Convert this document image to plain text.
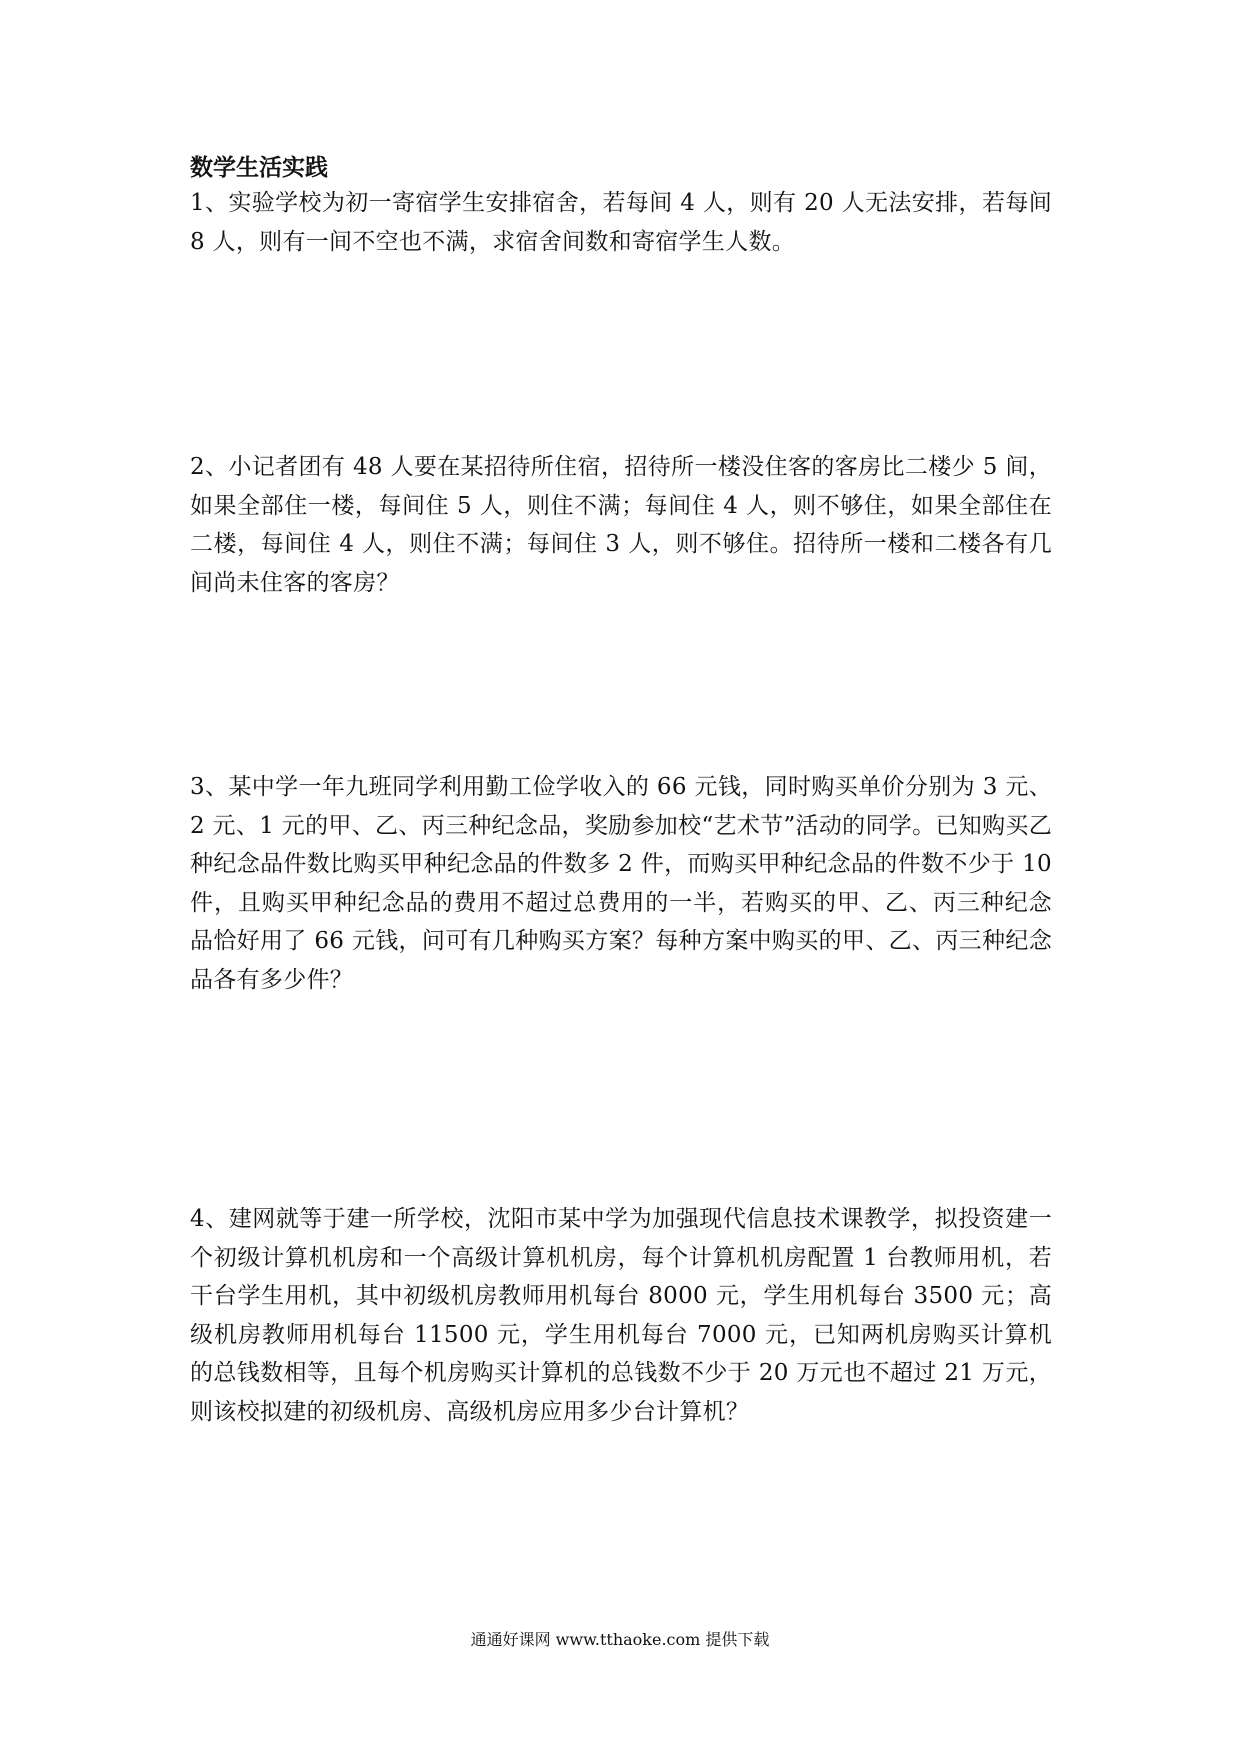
数学生活实践

1、实验学校为初一寄宿学生安排宿舍，若每间 4 人，则有 20 人无法安排，若每间 8 人，则有一间不空也不满，求宿舍间数和寄宿学生人数。

2、小记者团有 48 人要在某招待所住宿，招待所一楼没住客的客房比二楼少 5 间，如果全部住一楼，每间住 5 人，则住不满；每间住 4 人，则不够住，如果全部住在二楼，每间住 4 人，则住不满；每间住 3 人，则不够住。招待所一楼和二楼各有几间尚未住客的客房？

3、某中学一年九班同学利用勤工俭学收入的 66 元钱，同时购买单价分别为 3 元、2 元、1 元的甲、乙、丙三种纪念品，奖励参加校“艺术节”活动的同学。已知购买乙种纪念品件数比购买甲种纪念品的件数多 2 件，而购买甲种纪念品的件数不少于 10 件，且购买甲种纪念品的费用不超过总费用的一半，若购买的甲、乙、丙三种纪念品恰好用了 66 元钱，问可有几种购买方案？每种方案中购买的甲、乙、丙三种纪念品各有多少件？

4、建网就等于建一所学校，沈阳市某中学为加强现代信息技术课教学，拟投资建一个初级计算机机房和一个高级计算机机房，每个计算机机房配置 1 台教师用机，若干台学生用机，其中初级机房教师用机每台 8000 元，学生用机每台 3500 元；高级机房教师用机每台 11500 元，学生用机每台 7000 元，已知两机房购买计算机的总钱数相等，且每个机房购买计算机的总钱数不少于 20 万元也不超过 21 万元，则该校拟建的初级机房、高级机房应用多少台计算机？

通通好课网 www.tthaoke.com 提供下载
